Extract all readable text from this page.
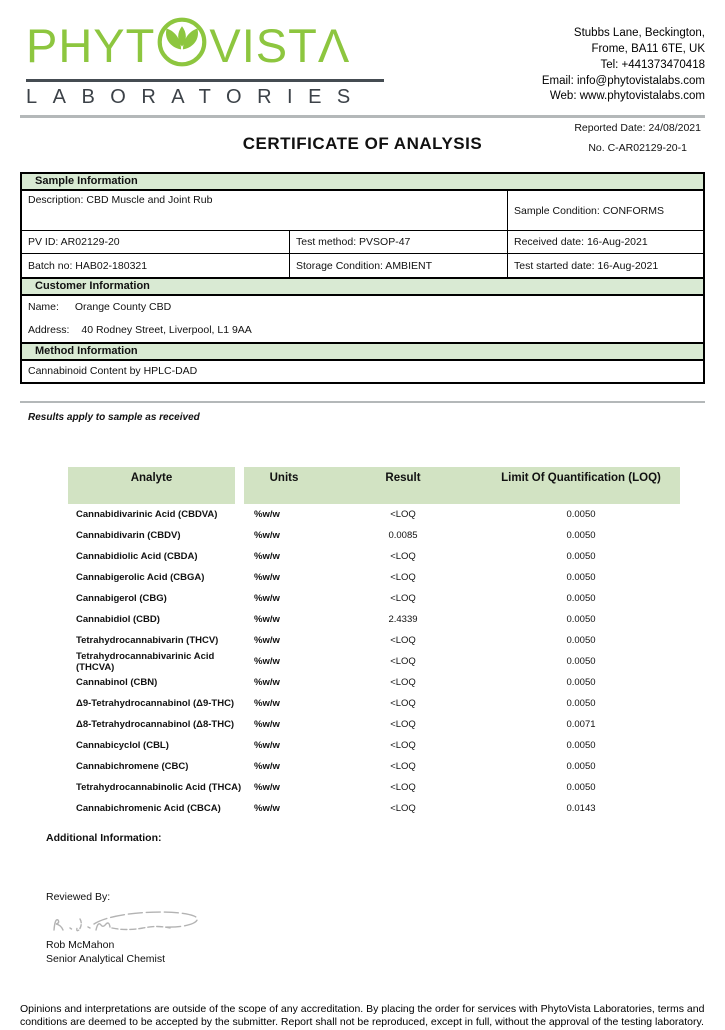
PHYT VISTΛ
LABORATORIES
Stubbs Lane, Beckington,
Frome, BA11 6TE, UK
Tel: +441373470418
Email: info@phytovistalabs.com
Web: www.phytovistalabs.com
CERTIFICATE OF ANALYSIS
Reported Date: 24/08/2021
No. C-AR02129-20-1
Sample Information
Description: CBD Muscle and Joint Rub
Sample Condition: CONFORMS
PV ID: AR02129-20	Test method: PVSOP-47	Received date: 16-Aug-2021
Batch no: HAB02-180321	Storage Condition: AMBIENT	Test started date: 16-Aug-2021
Customer Information
Name: Orange County CBD
Address: 40 Rodney Street, Liverpool, L1 9AA
Method Information
Cannabinoid Content by HPLC-DAD
Results apply to sample as received
Analyte	Units	Result	Limit Of Quantification (LOQ)
Cannabidivarinic Acid (CBDVA)	%w/w	<LOQ	0.0050
Cannabidivarin (CBDV)	%w/w	0.0085	0.0050
Cannabidiolic Acid (CBDA)	%w/w	<LOQ	0.0050
Cannabigerolic Acid (CBGA)	%w/w	<LOQ	0.0050
Cannabigerol (CBG)	%w/w	<LOQ	0.0050
Cannabidiol (CBD)	%w/w	2.4339	0.0050
Tetrahydrocannabivarin (THCV)	%w/w	<LOQ	0.0050
Tetrahydrocannabivarinic Acid (THCVA)	%w/w	<LOQ	0.0050
Cannabinol (CBN)	%w/w	<LOQ	0.0050
Δ9-Tetrahydrocannabinol (Δ9-THC)	%w/w	<LOQ	0.0050
Δ8-Tetrahydrocannabinol (Δ8-THC)	%w/w	<LOQ	0.0071
Cannabicyclol (CBL)	%w/w	<LOQ	0.0050
Cannabichromene (CBC)	%w/w	<LOQ	0.0050
Tetrahydrocannabinolic Acid (THCA)	%w/w	<LOQ	0.0050
Cannabichromenic Acid (CBCA)	%w/w	<LOQ	0.0143
Additional Information:
Reviewed By:
Rob McMahon
Senior Analytical Chemist
Opinions and interpretations are outside of the scope of any accreditation. By placing the order for services with PhytoVista Laboratories, terms and conditions are deemed to be accepted by the submitter. Report shall not be reproduced, except in full, without the approval of the testing laboratory.
